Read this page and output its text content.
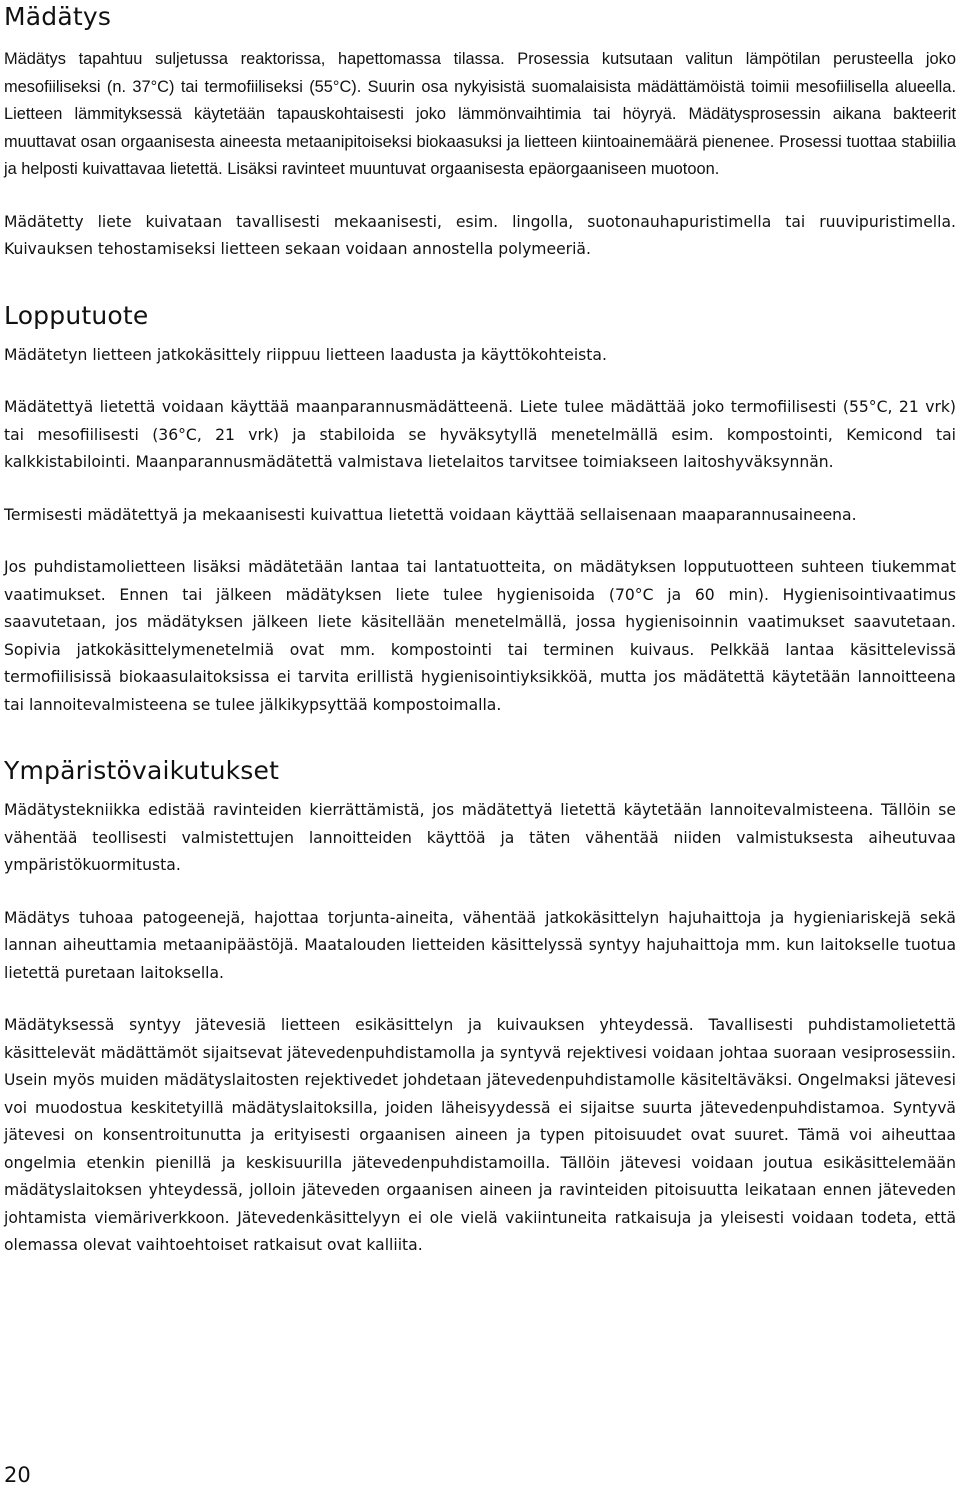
Mädätys

Mädätys tapahtuu suljetussa reaktorissa, hapettomassa tilassa. Prosessia kutsutaan valitun lämpötilan perusteella joko mesofiiliseksi (n. 37°C) tai termofiiliseksi (55°C). Suurin osa nykyisistä suomalaisista mädättämöistä toimii mesofiilisella alueella. Lietteen lämmityksessä käytetään tapauskohtaisesti joko lämmönvaihtimia tai höyryä. Mädätysprosessin aikana bakteerit muuttavat osan orgaanisesta aineesta metaanipitoiseksi biokaasuksi ja lietteen kiintoainemäärä pienenee. Prosessi tuottaa stabiilia ja helposti kuivattavaa lietettä. Lisäksi ravinteet muuntuvat orgaanisesta epäorgaaniseen muotoon.

Mädätetty liete kuivataan tavallisesti mekaanisesti, esim. lingolla, suotonauhapuristimella tai ruuvipuristimella. Kuivauksen tehostamiseksi lietteen sekaan voidaan annostella polymeeriä.

Lopputuote

Mädätetyn lietteen jatkokäsittely riippuu lietteen laadusta ja käyttökohteista.

Mädätettyä lietettä voidaan käyttää maanparannusmädätteenä. Liete tulee mädättää joko termofiilisesti (55°C, 21 vrk) tai mesofiilisesti (36°C, 21 vrk) ja stabiloida se hyväksytyllä menetelmällä esim. kompostointi, Kemicond tai kalkkistabilointi. Maanparannusmädätettä valmistava lietelaitos tarvitsee toimiakseen laitoshyväksynnän.

Termisesti mädätettyä ja mekaanisesti kuivattua lietettä voidaan käyttää sellaisenaan maaparannusaineena.

Jos puhdistamolietteen lisäksi mädätetään lantaa tai lantatuotteita, on mädätyksen lopputuotteen suhteen tiukemmat vaatimukset. Ennen tai jälkeen mädätyksen liete tulee hygienisoida (70°C ja 60 min). Hygienisointivaatimus saavutetaan, jos mädätyksen jälkeen liete käsitellään menetelmällä, jossa hygienisoinnin vaatimukset saavutetaan. Sopivia jatkokäsittelymenetelmiä ovat mm. kompostointi tai terminen kuivaus. Pelkkää lantaa käsittelevissä termofiilisissä biokaasulaitoksissa ei tarvita erillistä hygienisointiyksikköä, mutta jos mädätettä käytetään lannoitteena tai lannoitevalmisteena se tulee jälkikypsyttää kompostoimalla.

Ympäristövaikutukset

Mädätystekniikka edistää ravinteiden kierrättämistä, jos mädätettyä lietettä käytetään lannoitevalmisteena. Tällöin se vähentää teollisesti valmistettujen lannoitteiden käyttöä ja täten vähentää niiden valmistuksesta aiheutuvaa ympäristökuormitusta.

Mädätys tuhoaa patogeenejä, hajottaa torjunta-aineita, vähentää jatkokäsittelyn hajuhaittoja ja hygieniariskejä sekä lannan aiheuttamia metaanipäästöjä. Maatalouden lietteiden käsittelyssä syntyy hajuhaittoja mm. kun laitokselle tuotua lietettä puretaan laitoksella.

Mädätyksessä syntyy jätevesiä lietteen esikäsittelyn ja kuivauksen yhteydessä. Tavallisesti puhdistamolietettä käsittelevät mädättämöt sijaitsevat jätevedenpuhdistamolla ja syntyvä rejektivesi voidaan johtaa suoraan vesiprosessiin. Usein myös muiden mädätyslaitosten rejektivedet johdetaan jätevedenpuhdistamolle käsiteltäväksi. Ongelmaksi jätevesi voi muodostua keskitetyillä mädätyslaitoksilla, joiden läheisyydessä ei sijaitse suurta jätevedenpuhdistamoa. Syntyvä jätevesi on konsentroitunutta ja erityisesti orgaanisen aineen ja typen pitoisuudet ovat suuret. Tämä voi aiheuttaa ongelmia etenkin pienillä ja keskisuurilla jätevedenpuhdistamoilla. Tällöin jätevesi voidaan joutua esikäsittelemään mädätyslaitoksen yhteydessä, jolloin jäteveden orgaanisen aineen ja ravinteiden pitoisuutta leikataan ennen jäteveden johtamista viemäriverkkoon. Jätevedenkäsittelyyn ei ole vielä vakiintuneita ratkaisuja ja yleisesti voidaan todeta, että olemassa olevat vaihtoehtoiset ratkaisut ovat kalliita.

20
